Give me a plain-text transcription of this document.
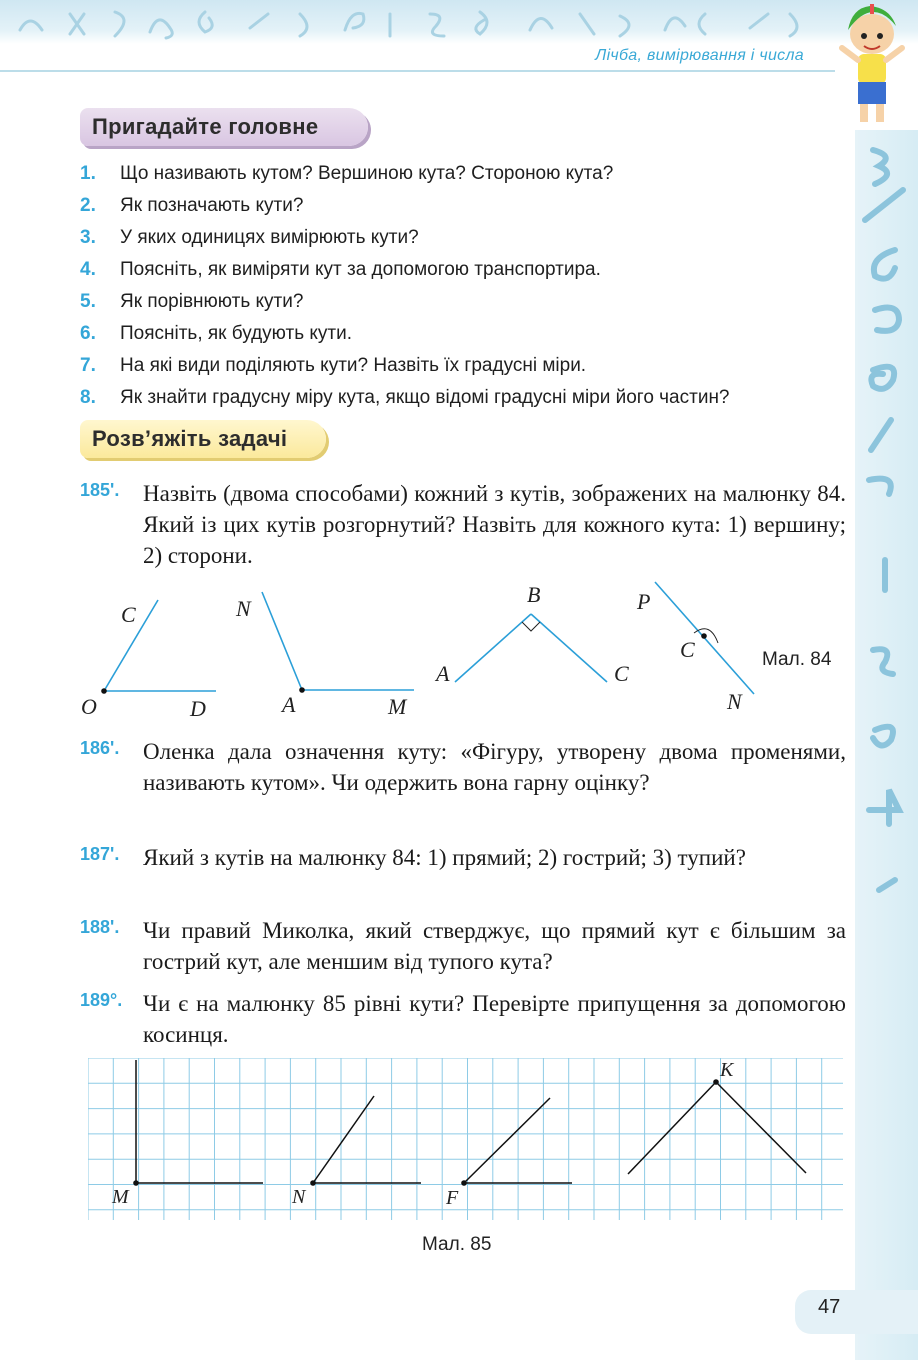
Лічба, вимірювання і числа
Пригадайте головне
1.	Що називають кутом? Вершиною кута? Стороною кута?
2.	Як позначають кути?
3.	У яких одиницях вимірюють кути?
4.	Поясніть, як виміряти кут за допомогою транспортира.
5.	Як порівнюють кути?
6.	Поясніть, як будують кути.
7.	На які види поділяють кути? Назвіть їх градусні міри.
8.	Як знайти градусну міру кута, якщо відомі градусні міри його частин?
Розв’яжіть задачі
185'. Назвіть (двома способами) кожний з кутів, зображених на малюнку 84. Який із цих кутів розгорнутий? Назвіть для кожного кута: 1) вершину; 2) сторони.
C
O	D
N
A	M
B
A	C
P
C
N
Мал. 84
186'. Оленка дала означення куту: «Фігуру, утворену двома променями, називають кутом». Чи одержить вона гарну оцінку?
187'. Який з кутів на малюнку 84: 1) прямий; 2) гострий; 3) тупий?
188'. Чи правий Миколка, який стверджує, що прямий кут є більшим за гострий кут, але меншим від тупого кута?
189°. Чи є на малюнку 85 рівні кути? Перевірте припущення за допомогою косинця.
M	N	F
K
Мал. 85
47
